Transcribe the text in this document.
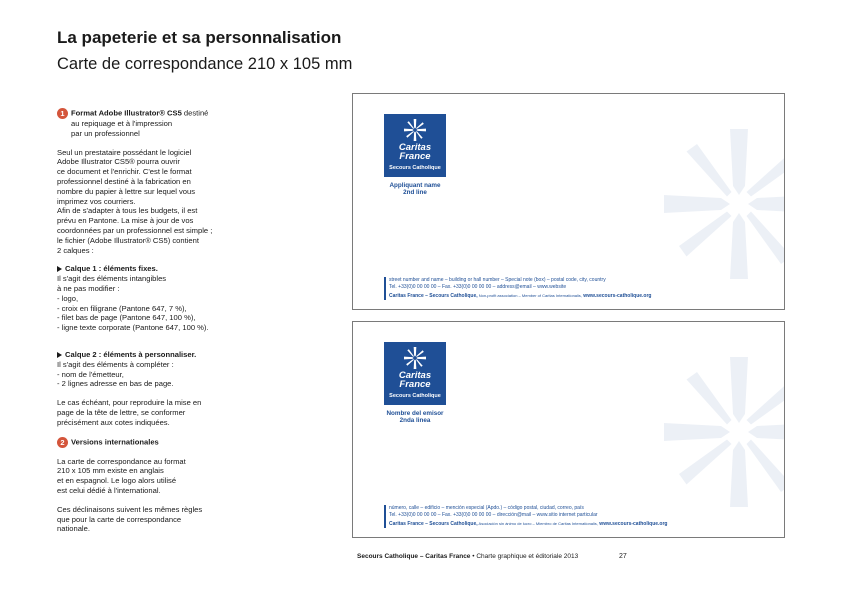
La papeterie et sa personnalisation
Carte de correspondance 210 x 105 mm

1 Format Adobe Illustrator® CS5 destiné
au repiquage et à l'impression
par un professionnel

Seul un prestataire possédant le logiciel
Adobe Illustrator CS5® pourra ouvrir
ce document et l'enrichir. C'est le format
professionnel destiné à la fabrication en
nombre du papier à lettre sur lequel vous
imprimez vos courriers.
Afin de s'adapter à tous les budgets, il est
prévu en Pantone. La mise à jour de vos
coordonnées par un professionnel est simple ;
le fichier (Adobe Illustrator® CS5) contient
2 calques :

Calque 1 : éléments fixes.
Il s'agit des éléments intangibles
à ne pas modifier :
- logo,
- croix en filigrane (Pantone 647, 7 %),
- filet bas de page (Pantone 647, 100 %),
- ligne texte corporate (Pantone 647, 100 %).

Calque 2 : éléments à personnaliser.
Il s'agit des éléments à compléter :
- nom de l'émetteur,
- 2 lignes adresse en bas de page.

Le cas échéant, pour reproduire la mise en
page de la tête de lettre, se conformer
précisément aux cotes indiquées.

2 Versions internationales

La carte de correspondance au format
210 x 105 mm existe en anglais
et en espagnol. Le logo alors utilisé
est celui dédié à l'international.

Ces déclinaisons suivent les mêmes règles
que pour la carte de correspondance
nationale.

Caritas
France
Secours Catholique
Appliquant name
2nd line
street number and name – building or hall number – Special note (box) – postal code, city, country
Tel. +33(0)0 00 00 00 – Fax. +33(0)0 00 00 00 – address@email – www.website
Caritas France – Secours Catholique, Non-profit association – Member of Caritas Internationalis, www.secours-catholique.org
Caritas
France
Secours Catholique
Nombre del emisor
2nda linea
número, calle – edificio – mención especial (Apdo.) – código postal, ciudad, correo, país
Tel. +33(0)0 00 00 00 – Fax. +33(0)0 00 00 00 – dirección@mail – www.sitio internet particular
Caritas France – Secours Catholique, Asociación sin ánimo de lucro – Miembro de Caritas Internationalis, www.secours-catholique.org
Secours Catholique – Caritas France • Charte graphique et éditoriale 2013	27
